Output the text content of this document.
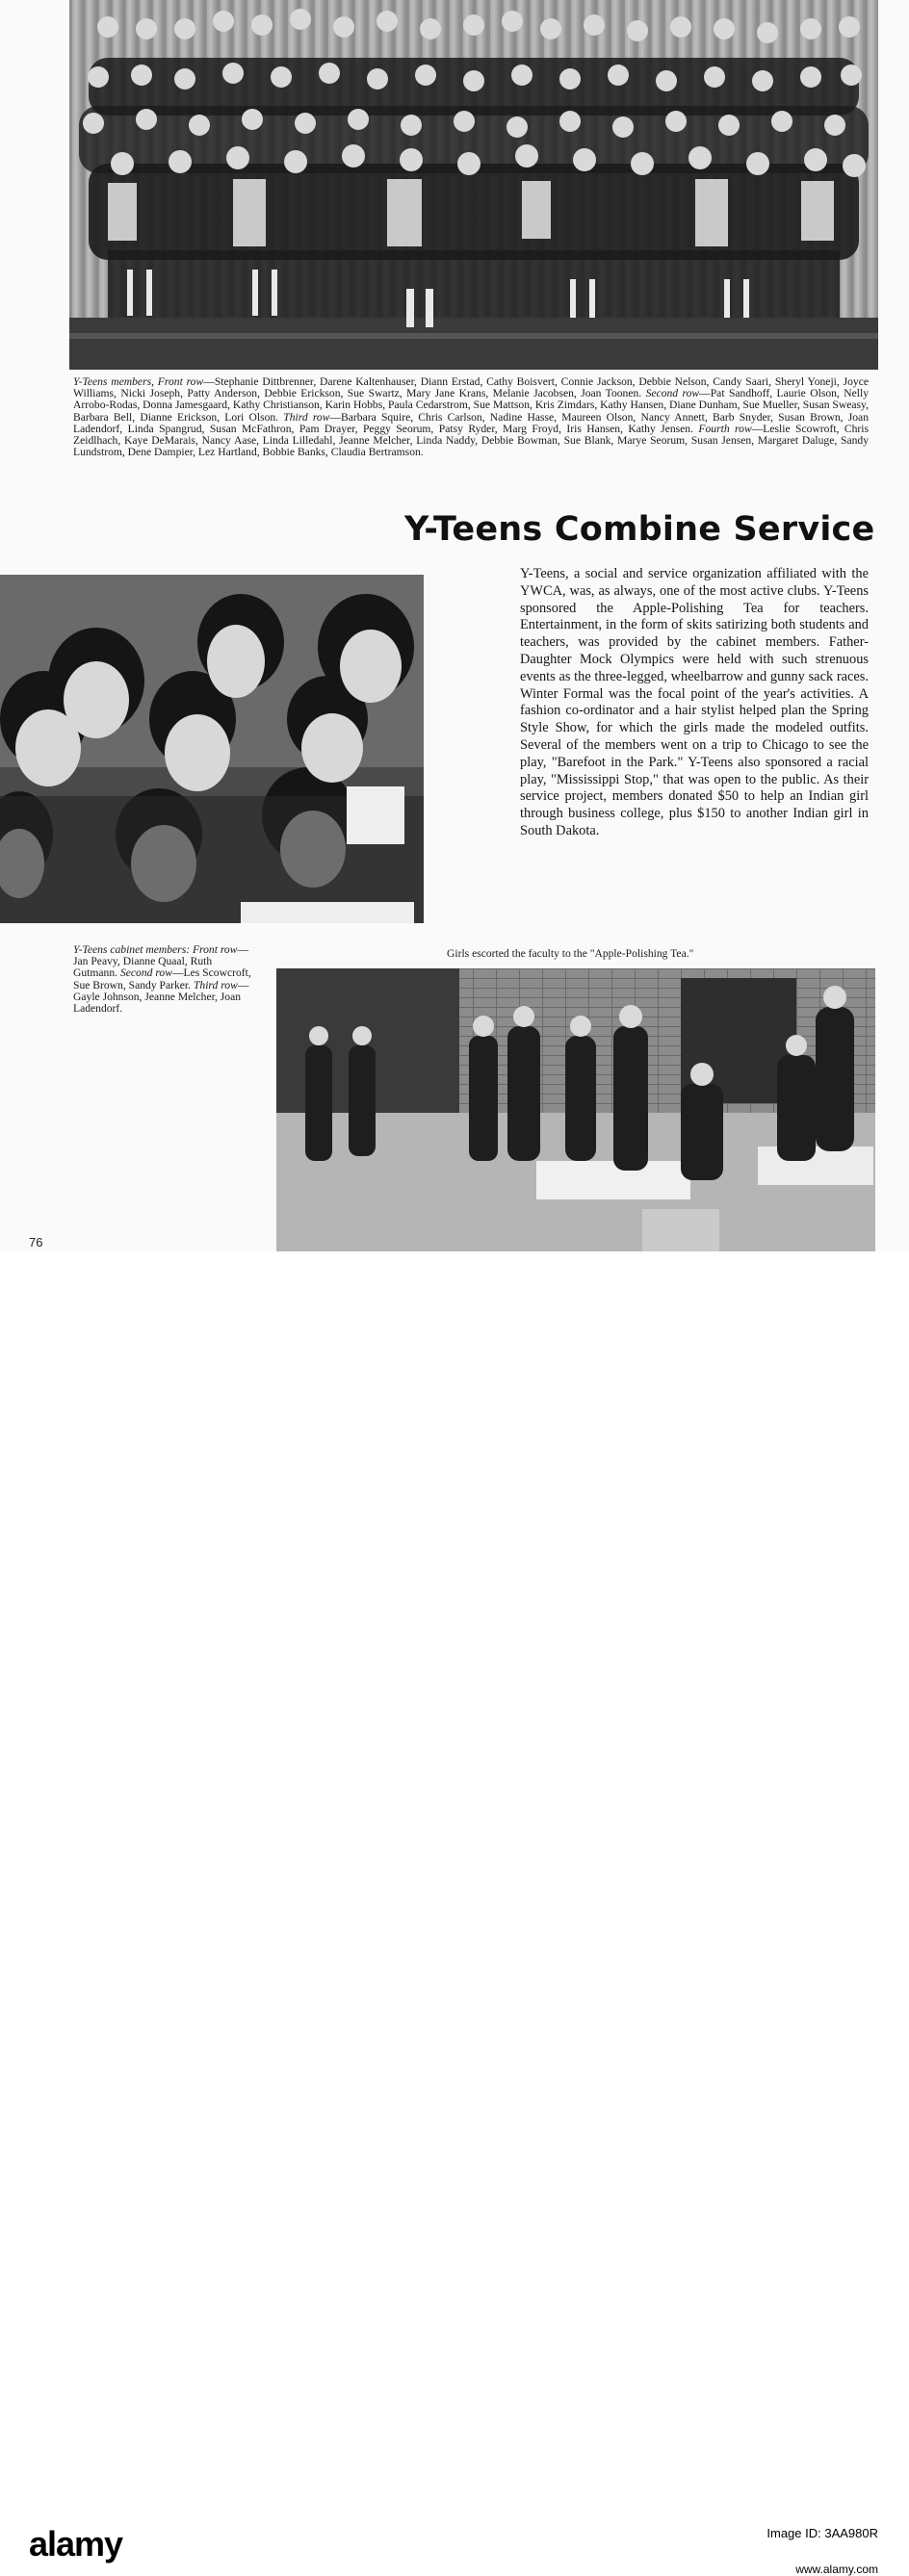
Y-Teens members, Front row—Stephanie Dittbrenner, Darene Kaltenhauser, Diann Erstad, Cathy Boisvert, Connie Jackson, Debbie Nelson, Candy Saari, Sheryl Yoneji, Joyce Williams, Nicki Joseph, Patty Anderson, Debbie Erickson, Sue Swartz, Mary Jane Krans, Melanie Jacobsen, Joan Toonen. Second row—Pat Sandhoff, Laurie Olson, Nelly Arrobo-Rodas, Donna Jamesgaard, Kathy Christianson, Karin Hobbs, Paula Cedarstrom, Sue Mattson, Kris Zimdars, Kathy Hansen, Diane Dunham, Sue Mueller, Susan Sweasy, Barbara Bell, Dianne Erickson, Lori Olson. Third row—Barbara Squire, Chris Carlson, Nadine Hasse, Maureen Olson, Nancy Annett, Barb Snyder, Susan Brown, Joan Ladendorf, Linda Spangrud, Susan McFathron, Pam Drayer, Peggy Seorum, Patsy Ryder, Marg Froyd, Iris Hansen, Kathy Jensen. Fourth row—Leslie Scowroft, Chris Zeidlhach, Kaye DeMarais, Nancy Aase, Linda Lilledahl, Jeanne Melcher, Linda Naddy, Debbie Bowman, Sue Blank, Marye Seorum, Susan Jensen, Margaret Daluge, Sandy Lundstrom, Dene Dampier, Lez Hartland, Bobbie Banks, Claudia Bertramson.
Y-Teens Combine Service
Y-Teens, a social and service organization affiliated with the YWCA, was, as always, one of the most active clubs. Y-Teens sponsored the Apple-Polishing Tea for teachers. Entertainment, in the form of skits satirizing both students and teachers, was provided by the cabinet members. Father-Daughter Mock Olympics were held with such strenuous events as the three-legged, wheelbarrow and gunny sack races. Winter Formal was the focal point of the year's activities. A fashion co-ordinator and a hair stylist helped plan the Spring Style Show, for which the girls made the modeled outfits. Several of the members went on a trip to Chicago to see the play, "Barefoot in the Park." Y-Teens also sponsored a racial play, "Mississippi Stop," that was open to the public. As their service project, members donated $50 to help an Indian girl through business college, plus $150 to another Indian girl in South Dakota.
Y-Teens cabinet members: Front row—Jan Peavy, Dianne Quaal, Ruth Gutmann. Second row—Les Scowcroft, Sue Brown, Sandy Parker. Third row—Gayle Johnson, Jeanne Melcher, Joan Ladendorf.
Girls escorted the faculty to the "Apple-Polishing Tea."
76
alamy	Image ID: 3AA980R
www.alamy.com
